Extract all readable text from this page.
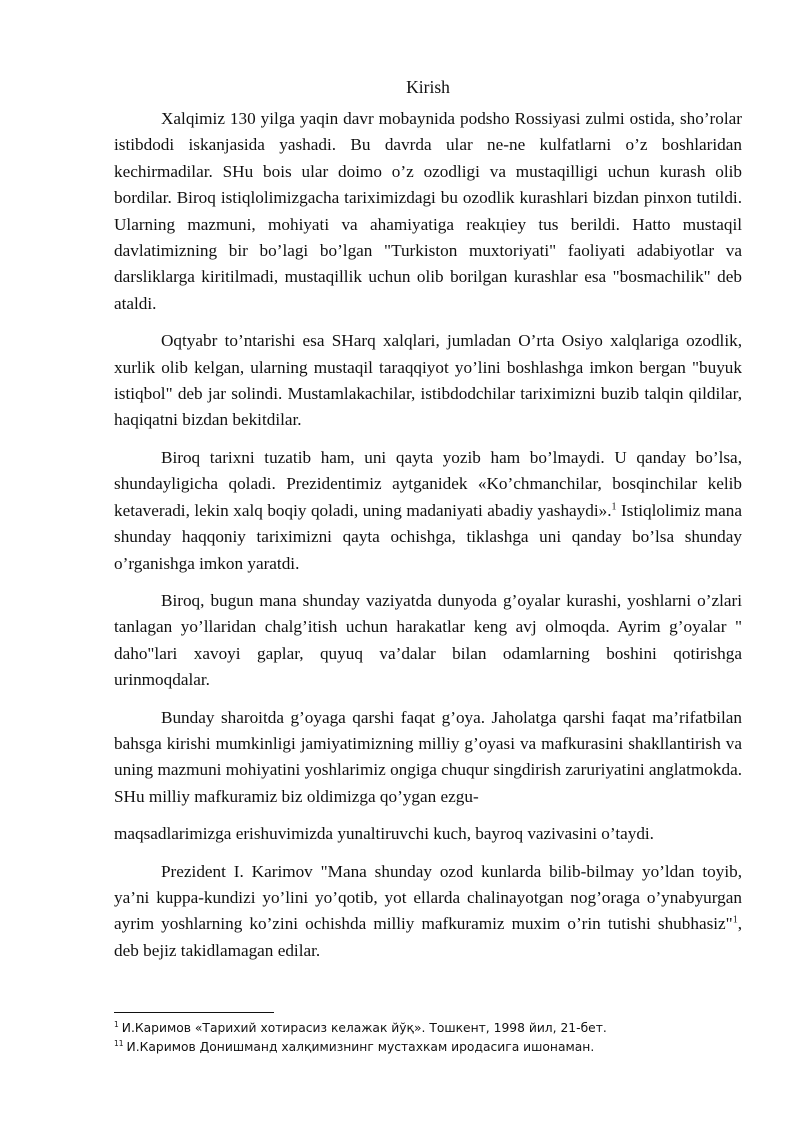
Kirish

Xalqimiz 130 yilga yaqin davr mobaynida podsho Rossiyasi zulmi ostida, sho’rolar istibdodi iskanjasida yashadi. Bu davrda ular ne-ne kulfatlarni o’z boshlaridan kechirmadilar. SHu bois ular doimo o’z ozodligi va mustaqilligi uchun kurash olib bordilar. Biroq istiqlolimizgacha tariximizdagi bu ozodlik kurashlari bizdan pinxon tutildi. Ularning mazmuni, mohiyati va ahamiyatiga reakцiey tus berildi. Hatto mustaqil davlatimizning bir bo’lagi bo’lgan "Turkiston muxtoriyati" faoliyati adabiyotlar va darsliklarga kiritilmadi, mustaqillik uchun olib borilgan kurashlar esa "bosmachilik" deb ataldi.

Oqtyabr to’ntarishi esa SHarq xalqlari, jumladan O’rta Osiyo xalqlariga ozodlik, xurlik olib kelgan, ularning mustaqil taraqqiyot yo’lini boshlashga imkon bergan "buyuk istiqbol" deb jar solindi. Mustamlakachilar, istibdodchilar tariximizni buzib talqin qildilar, haqiqatni bizdan bekitdilar.

Biroq tarixni tuzatib ham, uni qayta yozib ham bo’lmaydi. U qanday bo’lsa, shundayligicha qoladi. Prezidentimiz aytganidek «Ko’chmanchilar, bosqinchilar kelib ketaveradi, lekin xalq boqiy qoladi, uning madaniyati abadiy yashaydi».$^1$ Istiqlolimiz mana shunday haqqoniy tariximizni qayta ochishga, tiklashga uni qanday bo’lsa shunday o’rganishga imkon yaratdi.

Biroq, bugun mana shunday vaziyatda dunyoda g’oyalar kurashi, yoshlarni o’zlari tanlagan yo’llaridan chalg’itish uchun harakatlar keng avj olmoqda. Ayrim g’oyalar " daho"lari xavoyi gaplar, quyuq va’dalar bilan odamlarning boshini qotirishga urinmoqdalar.

Bunday sharoitda g’oyaga qarshi faqat g’oya. Jaholatga qarshi faqat ma’rifatbilan bahsga kirishi mumkinligi jamiyatimizning milliy g’oyasi va mafkurasini shakllantirish va uning mazmuni mohiyatini yoshlarimiz ongiga chuqur singdirish zaruriyatini anglatmokda. SHu milliy mafkuramiz biz oldimizga qo’ygan ezgu-

maqsadlarimizga erishuvimizda yunaltiruvchi kuch, bayroq vazivasini o’taydi.

Prezident I. Karimov "Mana shunday ozod kunlarda bilib-bilmay yo’ldan toyib, ya’ni kuppa-kundizi yo’lini yo’qotib, yot ellarda chalinayotgan nog’oraga o’ynabyurgan ayrim yoshlarning ko’zini ochishda milliy mafkuramiz muxim o’rin tutishi shubhasiz"$^1$, deb bejiz takidlamagan edilar.

$^1$ И.Каримов «Тарихий хотирасиз келажак йўқ». Тошкент, 1998 йил, 21-бет.
$^{11}$ И.Каримов Донишманд халқимизнинг мустахкам иродасига ишонаман.
